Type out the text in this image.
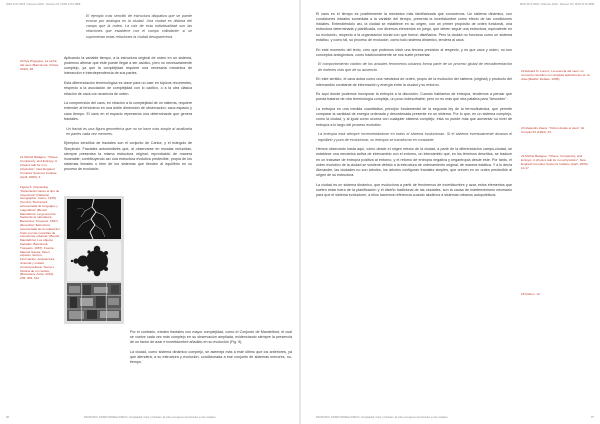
ISSN 2171-6315 | Volumen 2019 - Número 18 | ISSN 2173-1808

El ejemplo más sencillo de estructura disipativa que se puede evocar por analogía es la ciudad. Una ciudad es distinta del campo que la rodea. La raíz de esta individualidad son las relaciones que establece con el campo colindante; si se suprimieran estas relaciones la ciudad desaparecería.

20 Ilya Prigogine, La lucha del caos (Barcelona: Crítica, 2010), 28.

Aplicando la variable tiempo, a la estructura original de orden en un sistema, podemos afirmar que éste puede llegar a ser caótico, pero no necesariamente complejo, ya que la complejidad requiere una necesaria mecánica de interacción e interdependencia de sus partes.

Esta diferenciación terminológica es clave para no caer en tópicos recurrentes, respecto a la asociación de complejidad con lo caótico, o a la otra clásica relación de caos con ausencia de orden.

La comprensión del caos, en relación a la complejidad de un sistema, requiere entender al fenómeno en una doble dimensión de observación; caos espacio y caos tiempo. El caos en el espacio representa una determinante que genera fractales.

Un fractal es una figura geométrica que no se hace más simple al analizarla en partes cada vez menores.

Ejemplos sencillos de fractales son el conjunto de Cantor, y el triángulo de Sierpinski. Fractales autosimilares que, al observarse en escalas reducidas, siempre presentan la misma estructura original, reproducido de manera invariable; contribuyendo así una estructura evolutiva predecible, propia de los sistemas lineales o bien de los sistemas que tienden al equilibrio en su proceso de evolución.

21 Michel Batagne: "Chaos, Complexity, and Entropy: A physics talk for non-physicists", New England Complex Systems Institute (April, 2000): 4.
Figura 5. (Izquierda) "Delectando haces el tipo de trayectoria" (National Geographic, marzo, 1978). (Centro) "Estructura acrecentada de lenguajes y magnaflow" (Benoît Mandelbrot, La geometría fractal de la naturaleza, Barcelona: Tusquets, 1997) (Derecha) "Estructura acrecentada de la ciudad del Cairo por las manchas de estructuras urbanas" (Benoît Mandelbrot, Los objetos fractales, Barcelona: Tusquets, 1987). Fuente: Manuel Gausa, Open: espacio, tiempo, información. Arquitectura, vivienda y ciudad contemporánea: Teoría e historia de un cambio (Barcelona: Actar, 2010), 235, 309, 312.

Por el contrario, existen fractales con mayor complejidad, como el Conjunto de Mandelbrot, el cual se vuelve cada vez más complejo en su observación ampliada, evidenciando siempre la presencia de un factor de azar e incertidumbre añadido en su evolución (Fig. 5).

La ciudad, como sistema dinámico complejo, se asemeja más a este último que los anteriores, ya que atenderá, a su estructura y evolución, condicionada a ese conjunto de sistemas menores, no-tiempo.

36	FRANCISCO JAVIER NORIEGA TREJO | Complejidad, Caos y Fractales. El orden emergente del desorden en las ciudades
ISSN 2171-6315 | Volumen 2019 - Número 18 | ISSN 2173-1808

El caos en el tiempo es posiblemente la mecánica más familiarizada que conocemos. Un sistema dinámico, con condiciones iniciales sometidas a la variable del tiempo, presenta la incertidumbre como efecto de las condiciones iniciales. Entendiéndolo así, la ciudad se establece en su origen, con un primer propósito de orden funcional, una estructura determinada y planificada, con diversos elementos en juego, que deben seguir una estructura, equivalente en su evolución, respecto a la organización inicial con que fueron diseñados. Pero la ciudad no funciona como un sistema estático, y como tal, su proceso de evolución, como todo sistema dinámico, tenderá al caos.

En este momento del texto, creo que podemos intuir una tercera precisión al respecto, y es que caos y orden, no son conceptos antagónicos, como tradicionalmente se nos suele presentar.

El comportamiento caótico de los actuales fenómenos urbanos forma parte de un proceso global de retroalimentación de órdenes más que de su ausencia.

En este sentido, el caos actúa como una mecánica de orden, propio de la evolución del sistema (original) y producto del intercambio constante de información y energía entre la ciudad y su entorno.

Es aquí donde podemos incorporar la entropía a la discusión. Cuando hablamos de entropía, tendemos a pensar que pueda tratarse de otra terminología compleja, un poco indescifrable; pero no es más que otra palabra para "desorden".

La entropía es una medida cuantitativa, principio fundamental de la segunda ley de la termodinámica, que permite comparar la cantidad de energía ordenada y desordenada presente en un sistema. Por lo que, en un sistema complejo, como la ciudad, y al igual como ocurría con cualquier sistema complejo, ésta no puede más que aumentar su nivel de entropía a lo largo del proceso evolutivo.

La entropía está siempre incrementándose en todos el sistema evolucionan. Si el sistema eventualmente alcanza el equilibrio y pura de evolucionar, su entropía se transforma en constante.

Hemos observado hasta aquí, cómo desde el origen mismo de la ciudad, a partir de la diferenciación campo-ciudad, se establece una mecánica activa de intercambio con el entorno, un intercambio que, en los términos descritos, se traduce en un trasvase de entropía positiva al entorno, y el retorno de entropía negativa y negantropía desde éste. Por tanto, el orden evolutivo de la ciudad se sostiene debido a la estructura de ordenamiento original, de manera estática. Y a lo decía Alexander, las ciudades no son árboles, los árboles configuran fractales simples, que crecen en un orden predecible al origen de su estructura.

La ciudad es un sistema dinámico, que evoluciona a partir de fenómenos de incertidumbre y azar, estos elementos que suelen estar fuera de la planificación y el diseño tradicional de las ciudades, son la causa de indeterminismo necesario para que el sistema evolucione, a ellos hacemos referencia cuando aludimos a sistemas urbanos autopoiéticos.

22 Eduard N. Lorenz, La esencia del caos: un concepto científico con amplias aplicaciones en la vida (Madrid: Debate, 1995).
23 Alejandro Zaera: "Orden desde el caos", El Croquis 53 (1994): 23.
24 Michel Batagne: "Chaos, Complexity, and Entropy: A physics talk for non-physicists", New England Complex Systems Institute (April, 2000): 11-17.
25 Ibidem, 12.
FRANCISCO JAVIER NORIEGA TREJO | Complejidad, Caos y Fractales. El orden emergente del desorden en las ciudades	37
